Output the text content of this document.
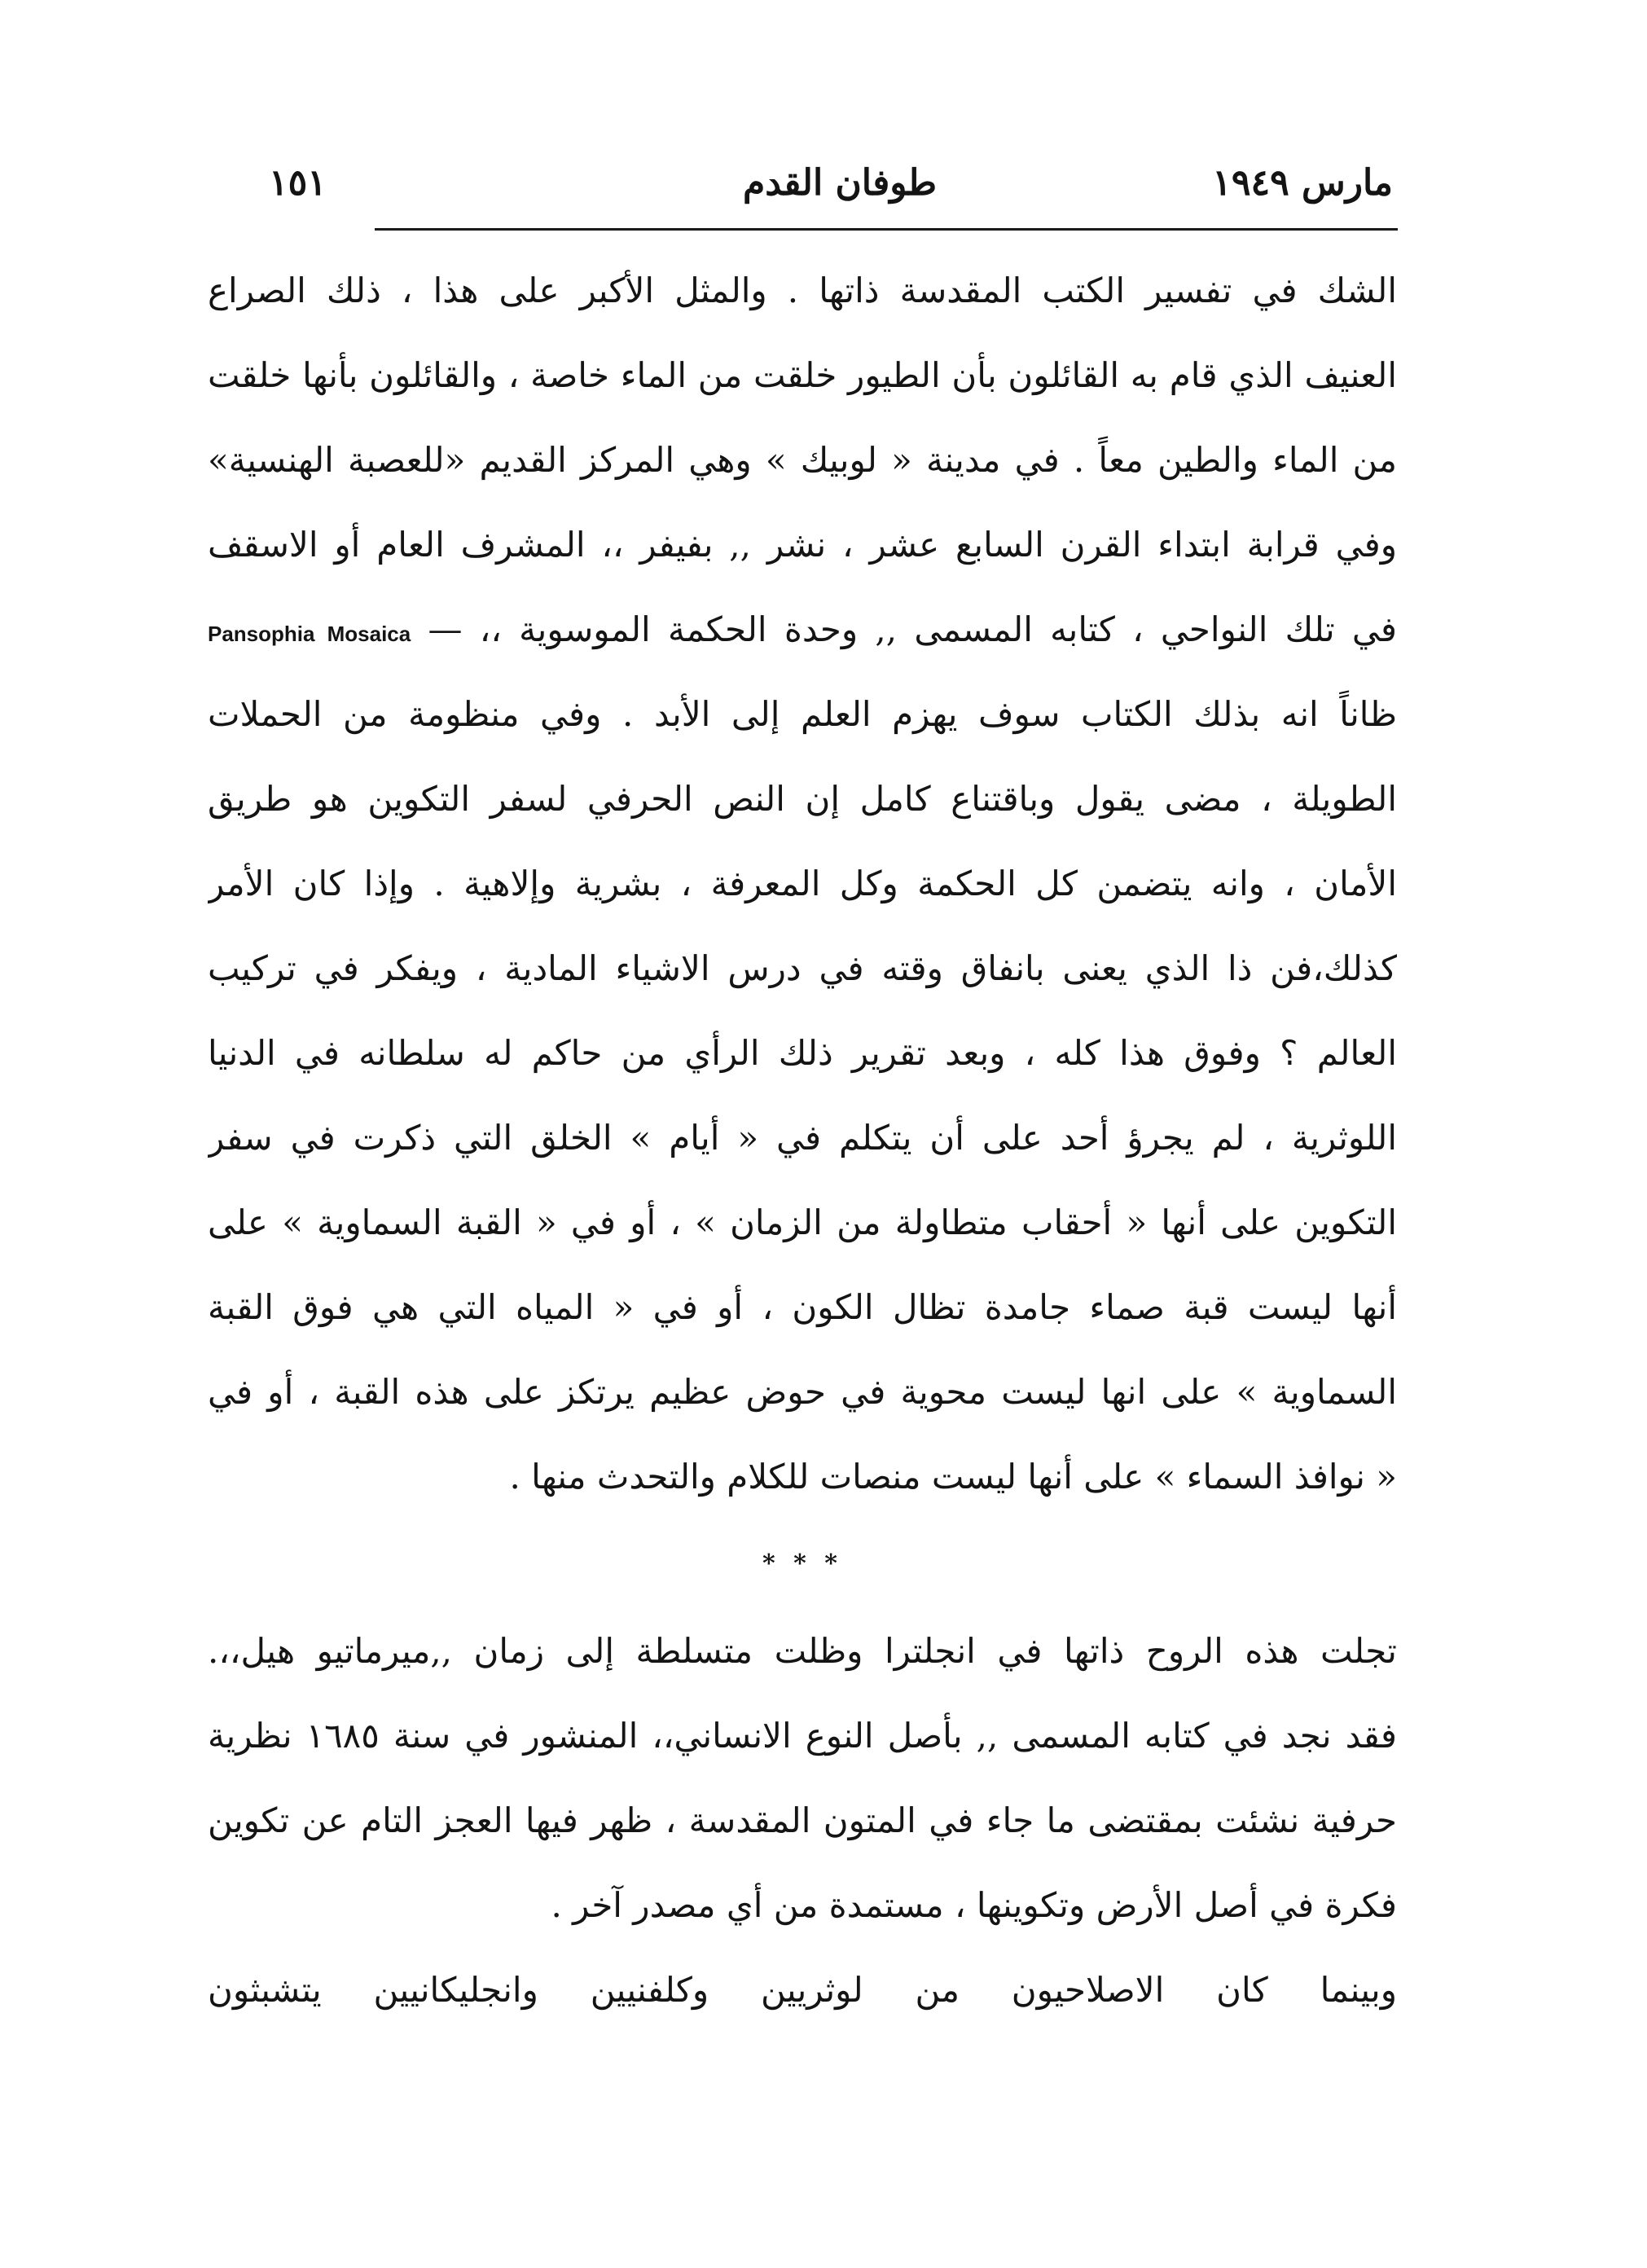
مارس ١٩٤٩
طوفان القدم
١٥١
الشك في تفسير الكتب المقدسة ذاتها . والمثل الأكبر على هذا ، ذلك الصراع
العنيف الذي قام به القائلون بأن الطيور خلقت من الماء خاصة ، والقائلون بأنها خلقت
من الماء والطين معاً . في مدينة « لوبيك » وهي المركز القديم «للعصبة الهنسية»
وفي قرابة ابتداء القرن السابع عشر ، نشر ,, بفيفر ،، المشرف العام أو الاسقف
في تلك النواحي ، كتابه المسمى ,, وحدة الحكمة الموسوية ،، — Pansophia Mosaica
ظاناً انه بذلك الكتاب سوف يهزم العلم إلى الأبد . وفي منظومة من الحملات
الطويلة ، مضى يقول وباقتناع كامل إن النص الحرفي لسفر التكوين هو طريق
الأمان ، وانه يتضمن كل الحكمة وكل المعرفة ، بشرية وإلاهية . وإذا كان الأمر
كذلك،فن ذا الذي يعنى بانفاق وقته في درس الاشياء المادية ، ويفكر في تركيب
العالم ؟ وفوق هذا كله ، وبعد تقرير ذلك الرأي من حاكم له سلطانه في الدنيا
اللوثرية ، لم يجرؤ أحد على أن يتكلم في « أيام » الخلق التي ذكرت في سفر
التكوين على أنها « أحقاب متطاولة من الزمان » ، أو في « القبة السماوية » على
أنها ليست قبة صماء جامدة تظال الكون ، أو في « المياه التي هي فوق القبة
السماوية » على انها ليست محوية في حوض عظيم يرتكز على هذه القبة ، أو في
« نوافذ السماء » على أنها ليست منصات للكلام والتحدث منها .
* * *
تجلت هذه الروح ذاتها في انجلترا وظلت متسلطة إلى زمان ,,ميرماتيو هيل،،.
فقد نجد في كتابه المسمى ,, بأصل النوع الانساني،، المنشور في سنة ١٦٨٥ نظرية
حرفية نشئت بمقتضى ما جاء في المتون المقدسة ، ظهر فيها العجز التام عن تكوين
فكرة في أصل الأرض وتكوينها ، مستمدة من أي مصدر آخر .
وبينما كان الاصلاحيون من لوثريين وكلفنيين وانجليكانيين يتشبثون
